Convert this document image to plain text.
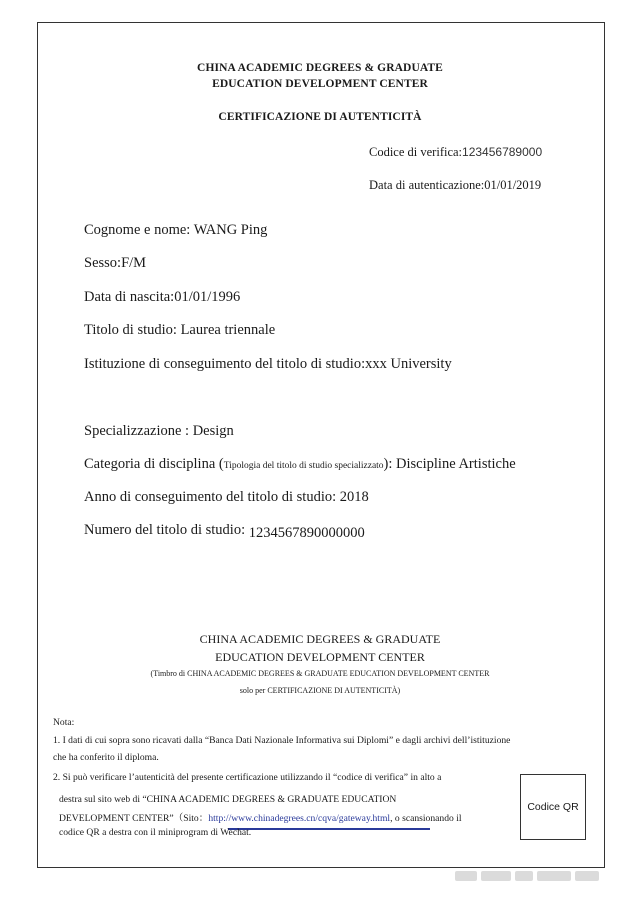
CHINA ACADEMIC DEGREES & GRADUATE
EDUCATION DEVELOPMENT CENTER
CERTIFICAZIONE DI AUTENTICITÀ
Codice di verifica:123456789000
Data di autenticazione:01/01/2019
Cognome e nome: WANG Ping
Sesso:F/M
Data di nascita:01/01/1996
Titolo di studio: Laurea triennale
Istituzione di conseguimento del titolo di studio:xxx University
Specializzazione : Design
Categoria di disciplina (Tipologia del titolo di studio specializzato): Discipline Artistiche
Anno di conseguimento del titolo di studio: 2018
Numero del titolo di studio: 1234567890000000
CHINA ACADEMIC DEGREES & GRADUATE
EDUCATION DEVELOPMENT CENTER
(Timbro di CHINA ACADEMIC DEGREES & GRADUATE EDUCATION DEVELOPMENT CENTER
solo per CERTIFICAZIONE DI AUTENTICITÀ)
Nota:
1. I dati di cui sopra sono ricavati dalla “Banca Dati Nazionale Informativa sui Diplomi” e dagli archivi dell’istituzione
che ha conferito il diploma.
2. Si può verificare l’autenticità del presente certificazione utilizzando il “codice di verifica” in alto a
destra sul sito web di “CHINA ACADEMIC DEGREES & GRADUATE EDUCATION
DEVELOPMENT CENTER”（Sito：http://www.chinadegrees.cn/cqva/gateway.html, o scansionando il
codice QR a destra con il miniprogram di Wechat.
Codice QR
